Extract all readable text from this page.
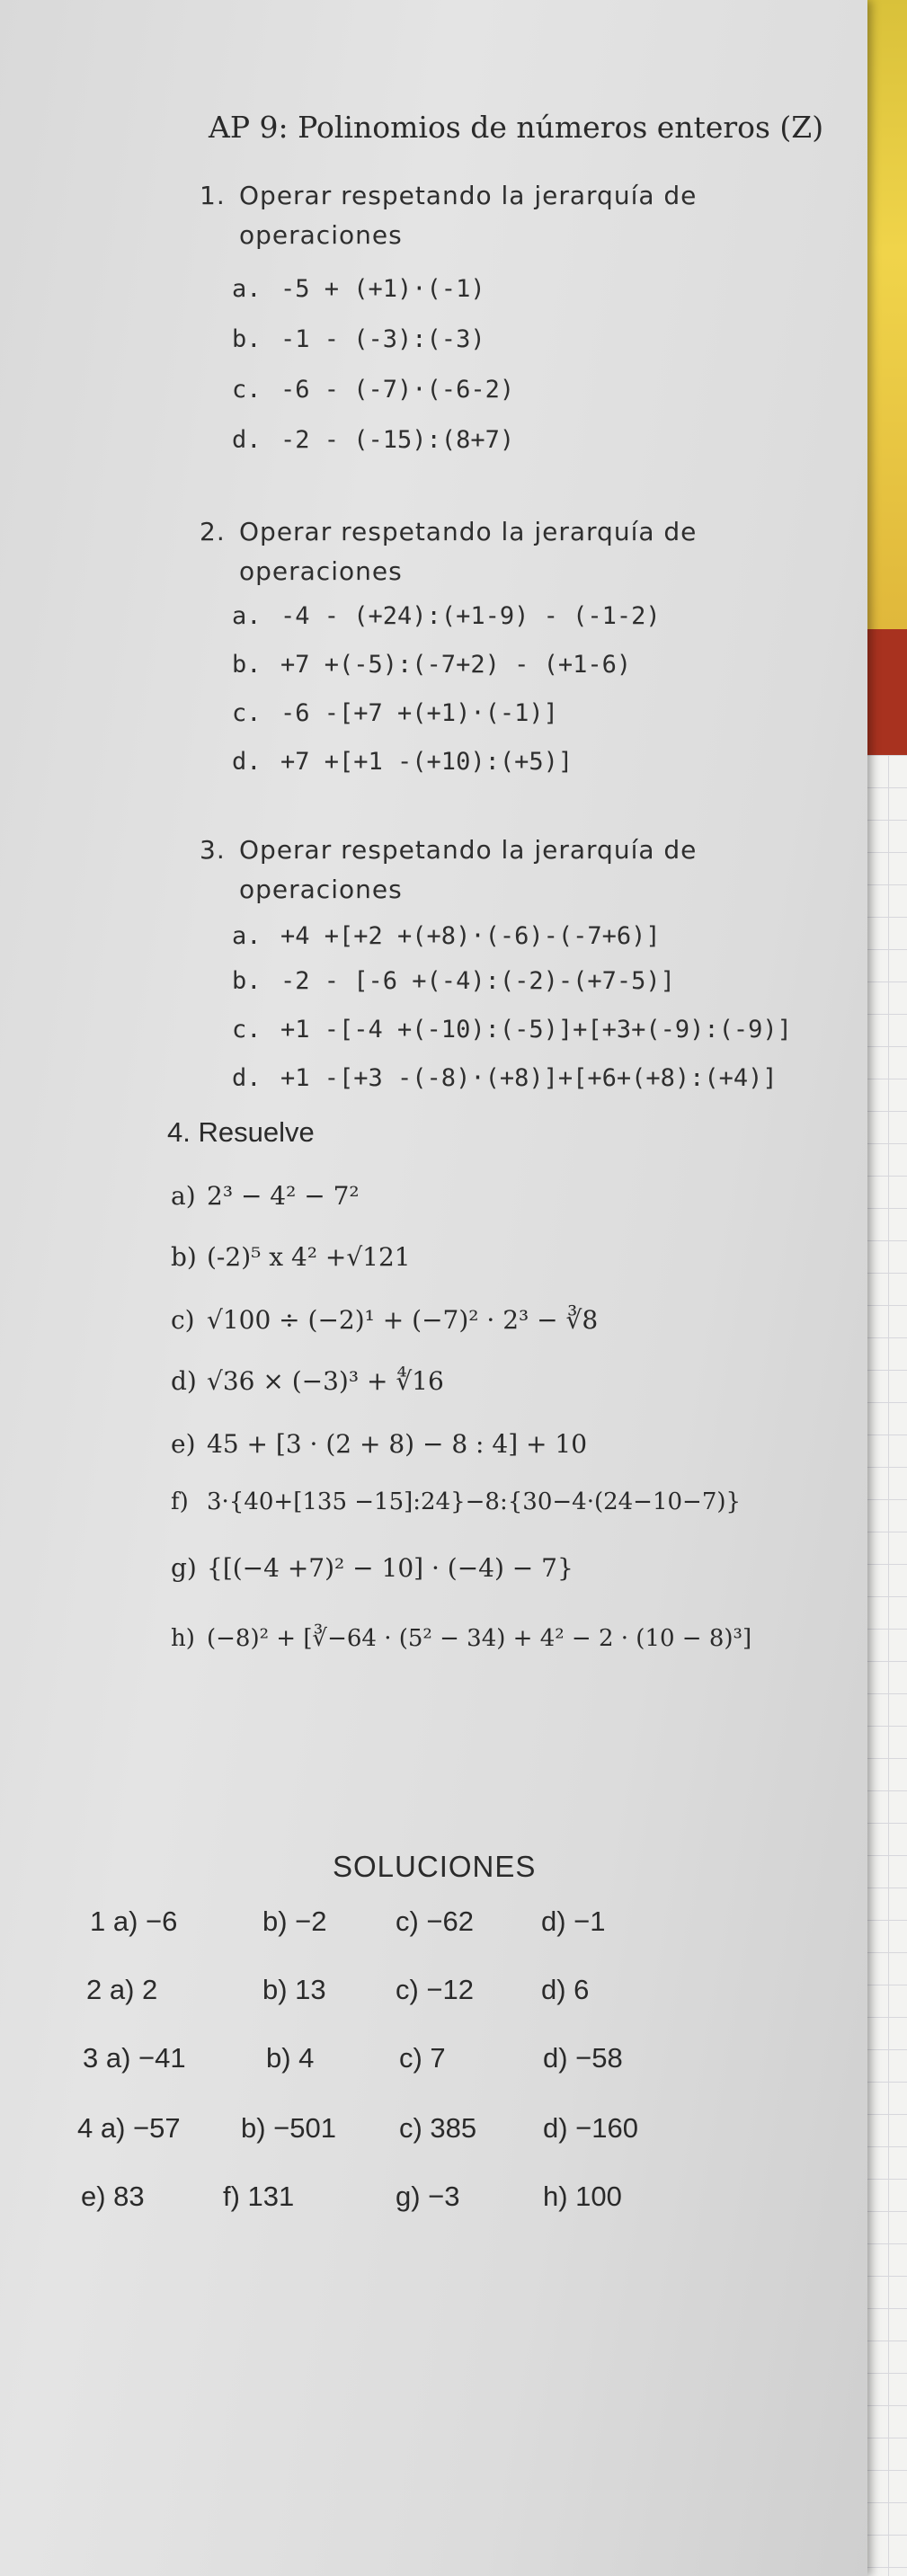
AP 9: Polinomios de números enteros (Z)
1. Operar respetando la jerarquía de
operaciones
a. -5 + (+1)·(-1)
b. -1 - (-3):(-3)
c. -6 - (-7)·(-6-2)
d. -2 - (-15):(8+7)
2. Operar respetando la jerarquía de
operaciones
a. -4 - (+24):(+1-9) - (-1-2)
b. +7 +(-5):(-7+2) - (+1-6)
c. -6 -[+7 +(+1)·(-1)]
d. +7 +[+1 -(+10):(+5)]
3. Operar respetando la jerarquía de
operaciones
a. +4 +[+2 +(+8)·(-6)-(-7+6)]
b. -2 - [-6 +(-4):(-2)-(+7-5)]
c. +1 -[-4 +(-10):(-5)]+[+3+(-9):(-9)]
d. +1 -[+3 -(-8)·(+8)]+[+6+(+8):(+4)]
4. Resuelve
a) 2³ − 4² − 7²
b) (-2)⁵ x 4² +√121
c) √100 ÷ (−2)¹ + (−7)² · 2³ − ∛8
d) √36 × (−3)³ + ∜16
e) 45 + [3 · (2 + 8) − 8 : 4] + 10
f) 3·{40+[135 −15]:24}−8:{30−4·(24−10−7)}
g) {[(−4 +7)² − 10] · (−4) − 7}
h) (−8)² + [∛−64 · (5² − 34) + 4² − 2 · (10 − 8)³]
SOLUCIONES
1 a) −6	b) −2 c) −62 d) −1
2 a) 2	b) 13 c) −12 d) 6
3 a) −41	b) 4	c) 7	d) −58
4 a) −57 b) −501 c) 385 d) −160
e) 83	f) 131	g) −3	h) 100
